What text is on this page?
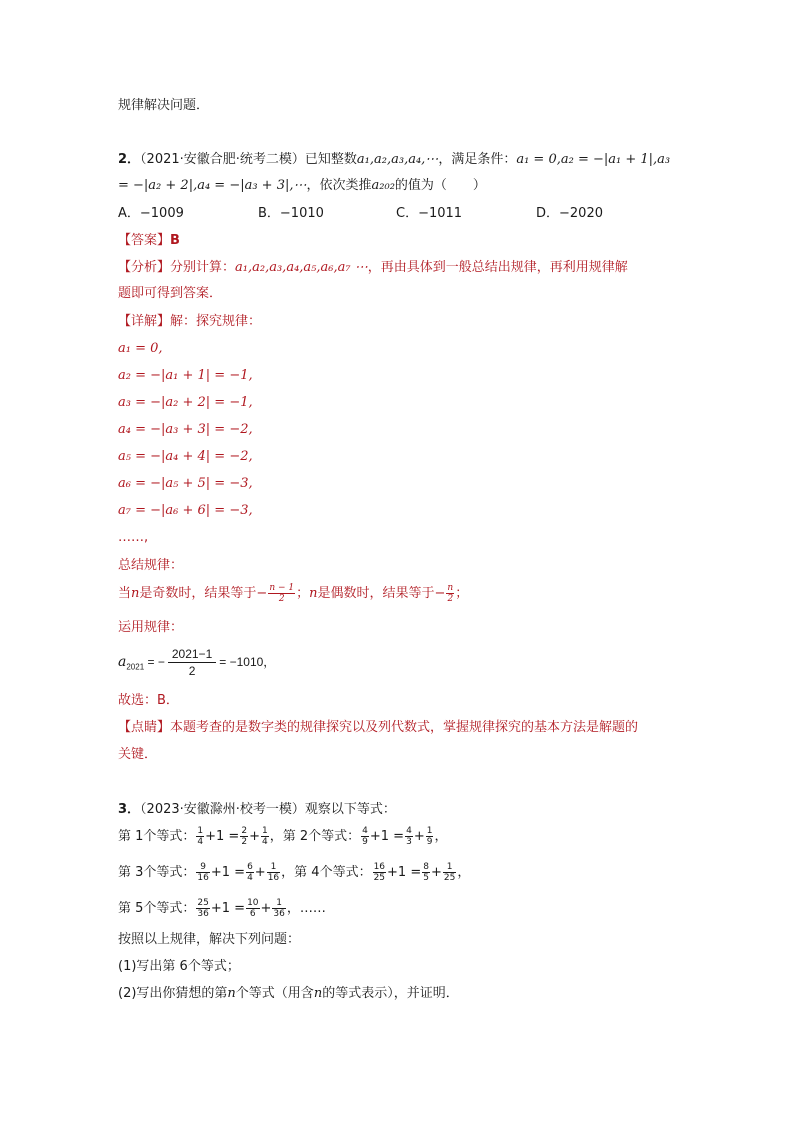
规律解决问题．
2．（2021·安徽合肥·统考二模）已知整数a₁,a₂,a₃,a₄,⋯，满足条件：a₁ = 0,a₂ = −|a₁ + 1|,a₃
= −|a₂ + 2|,a₄ = −|a₃ + 3|,⋯，依次类推a₂₀₂的值为（　　）
A．−1009	B．−1010	C．−1011	D．−2020
【答案】B
【分析】分别计算：a₁,a₂,a₃,a₄,a₅,a₆,a₇ ⋯，再由具体到一般总结出规律，再利用规律解
题即可得到答案．
【详解】解：探究规律：
a₁ = 0,
a₂ = −|a₁ + 1| = −1,
a₃ = −|a₂ + 2| = −1,
a₄ = −|a₃ + 3| = −2,
a₅ = −|a₄ + 4| = −2,
a₆ = −|a₅ + 5| = −3,
a₇ = −|a₆ + 6| = −3,
……,
总结规律：
当n是奇数时，结果等于− $\frac{n - 1}{2}$ ；n是偶数时，结果等于− $\frac{n}{2}$ ；
运用规律：
$a_{2021}$ = − $\frac{2021-1}{2} = -1010$，
故选：B．
【点睛】本题考查的是数字类的规律探究以及列代数式，掌握规律探究的基本方法是解题的
关键．
3．（2023·安徽滁州·校考一模）观察以下等式：
第 1个等式： $\frac{1}{4} +1 = \frac{2}{2} + \frac{1}{4}$ ，第 2个等式： $\frac{4}{9} +1 = \frac{4}{3} + \frac{1}{9}$ ，
第 3个等式： $\frac{9}{16} +1 = \frac{6}{4} + \frac{1}{16}$ ，第 4个等式： $\frac{16}{25} +1 = \frac{8}{5} + \frac{1}{25}$ ，
第 5个等式： $\frac{25}{36} +1 = \frac{10}{6} + \frac{1}{36}$ ，……
按照以上规律，解决下列问题：
(1)写出第 6个等式；
(2)写出你猜想的第n个等式（用含n的等式表示），并证明．
